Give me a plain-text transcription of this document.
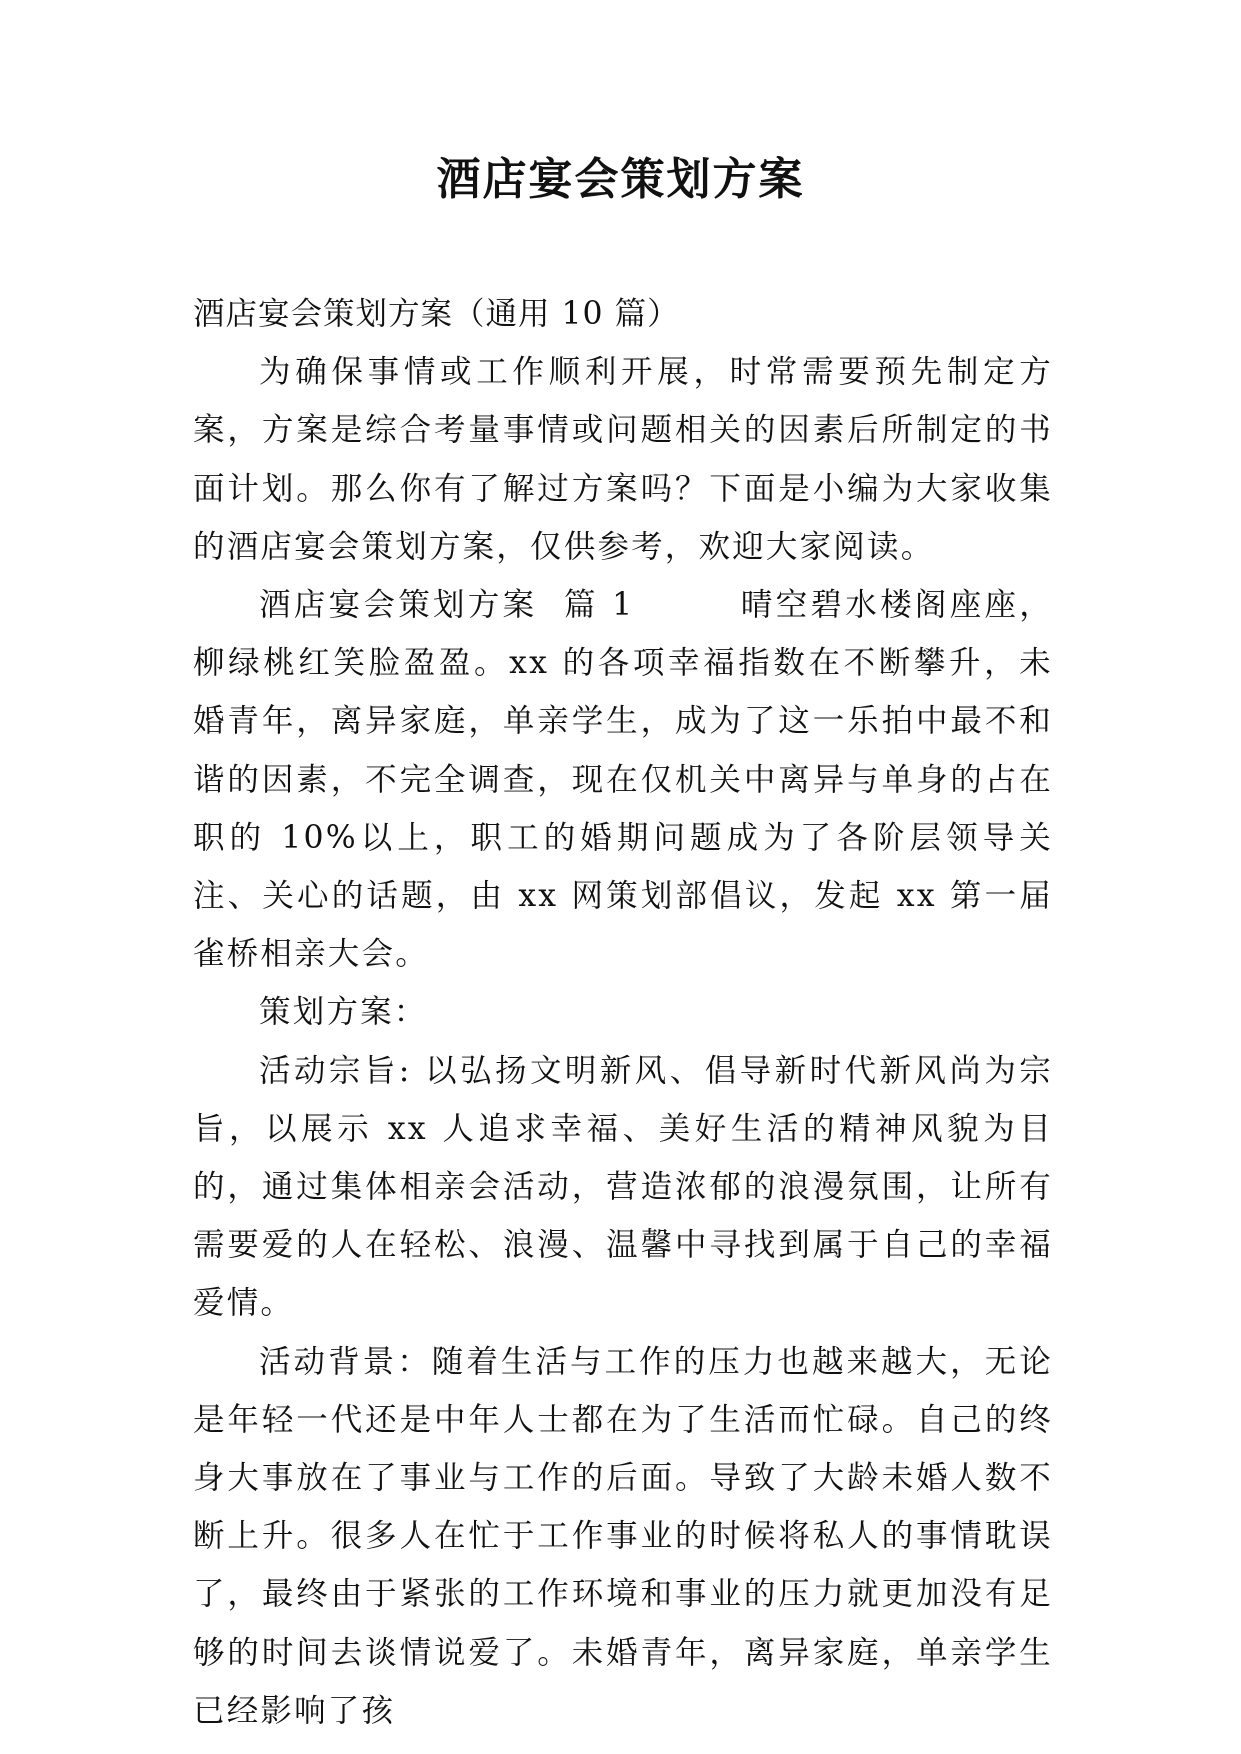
酒店宴会策划方案

酒店宴会策划方案（通用 10 篇）

为确保事情或工作顺利开展，时常需要预先制定方案，方案是综合考量事情或问题相关的因素后所制定的书面计划。那么你有了解过方案吗？下面是小编为大家收集的酒店宴会策划方案，仅供参考，欢迎大家阅读。

酒店宴会策划方案  篇 1        晴空碧水楼阁座座，柳绿桃红笑脸盈盈。xx 的各项幸福指数在不断攀升，未婚青年，离异家庭，单亲学生，成为了这一乐拍中最不和谐的因素，不完全调查，现在仅机关中离异与单身的占在职的 10%以上，职工的婚期问题成为了各阶层领导关注、关心的话题，由 xx 网策划部倡议，发起 xx 第一届雀桥相亲大会。

策划方案：

活动宗旨: 以弘扬文明新风、倡导新时代新风尚为宗旨，以展示 xx 人追求幸福、美好生活的精神风貌为目的，通过集体相亲会活动，营造浓郁的浪漫氛围，让所有需要爱的人在轻松、浪漫、温馨中寻找到属于自己的幸福爱情。

活动背景：随着生活与工作的压力也越来越大，无论是年轻一代还是中年人士都在为了生活而忙碌。自己的终身大事放在了事业与工作的后面。导致了大龄未婚人数不断上升。很多人在忙于工作事业的时候将私人的事情耽误了，最终由于紧张的工作环境和事业的压力就更加没有足够的时间去谈情说爱了。未婚青年，离异家庭，单亲学生已经影响了孩
